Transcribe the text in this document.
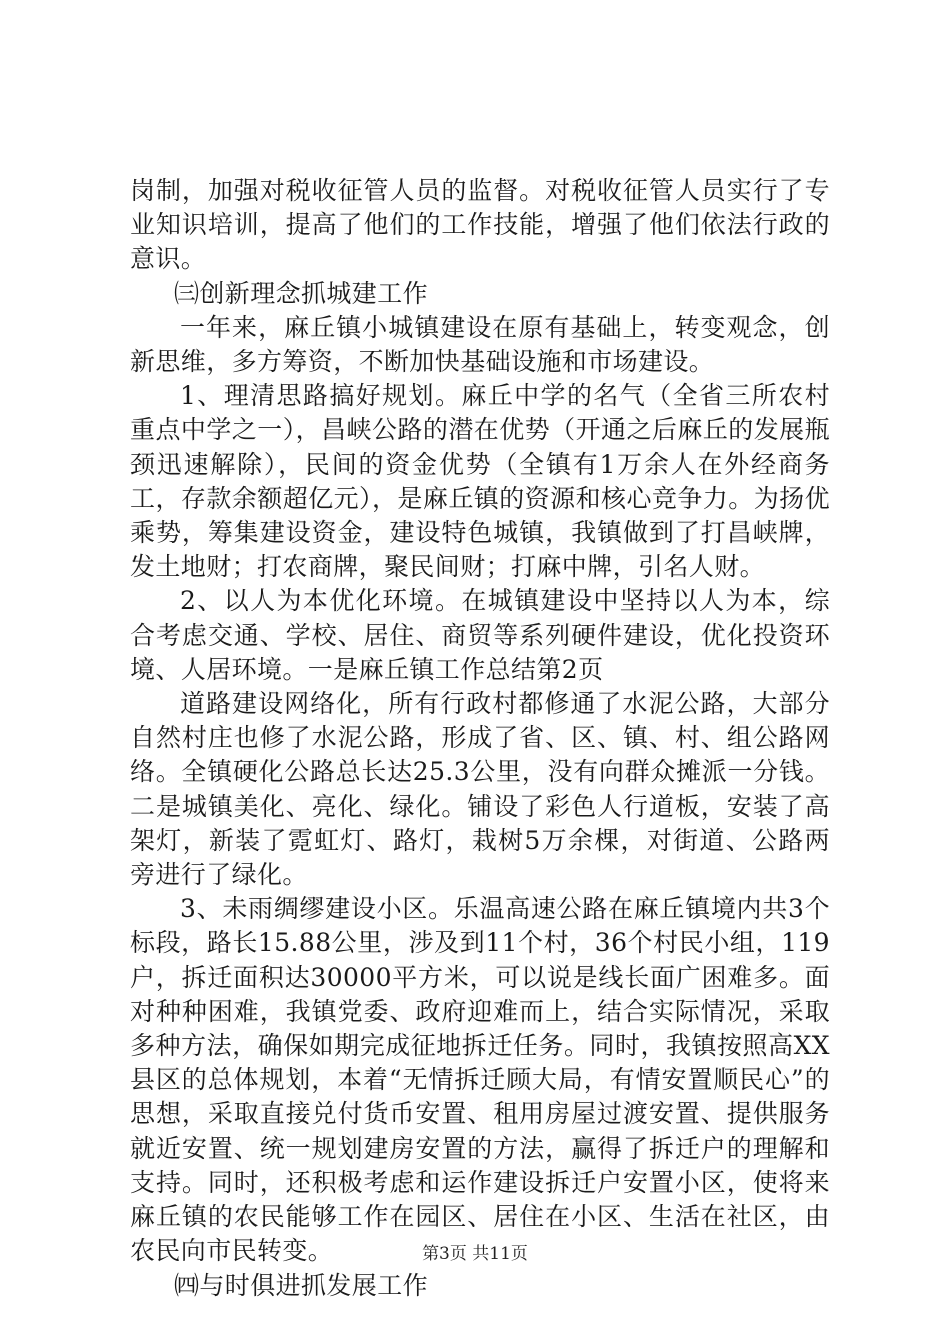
岗制，加强对税收征管人员的监督。对税收征管人员实行了专业知识培训，提高了他们的工作技能，增强了他们依法行政的意识。

㈢创新理念抓城建工作

一年来，麻丘镇小城镇建设在原有基础上，转变观念，创新思维，多方筹资，不断加快基础设施和市场建设。

1、理清思路搞好规划。麻丘中学的名气（全省三所农村重点中学之一），昌峡公路的潜在优势（开通之后麻丘的发展瓶颈迅速解除），民间的资金优势（全镇有1万余人在外经商务工，存款余额超亿元），是麻丘镇的资源和核心竞争力。为扬优乘势，筹集建设资金，建设特色城镇，我镇做到了打昌峡牌，发土地财；打农商牌，聚民间财；打麻中牌，引名人财。

2、以人为本优化环境。在城镇建设中坚持以人为本，综合考虑交通、学校、居住、商贸等系列硬件建设，优化投资环境、人居环境。一是麻丘镇工作总结第2页

道路建设网络化，所有行政村都修通了水泥公路，大部分自然村庄也修了水泥公路，形成了省、区、镇、村、组公路网络。全镇硬化公路总长达25.3公里，没有向群众摊派一分钱。二是城镇美化、亮化、绿化。铺设了彩色人行道板，安装了高架灯，新装了霓虹灯、路灯，栽树5万余棵，对街道、公路两旁进行了绿化。

3、未雨绸缪建设小区。乐温高速公路在麻丘镇境内共3个标段，路长15.88公里，涉及到11个村，36个村民小组，119户，拆迁面积达30000平方米，可以说是线长面广困难多。面对种种困难，我镇党委、政府迎难而上，结合实际情况，采取多种方法，确保如期完成征地拆迁任务。同时，我镇按照高XX县区的总体规划，本着“无情拆迁顾大局，有情安置顺民心”的思想，采取直接兑付货币安置、租用房屋过渡安置、提供服务就近安置、统一规划建房安置的方法，赢得了拆迁户的理解和支持。同时，还积极考虑和运作建设拆迁户安置小区，使将来麻丘镇的农民能够工作在园区、居住在小区、生活在社区，由农民向市民转变。

㈣与时俱进抓发展工作

第3页 共11页
